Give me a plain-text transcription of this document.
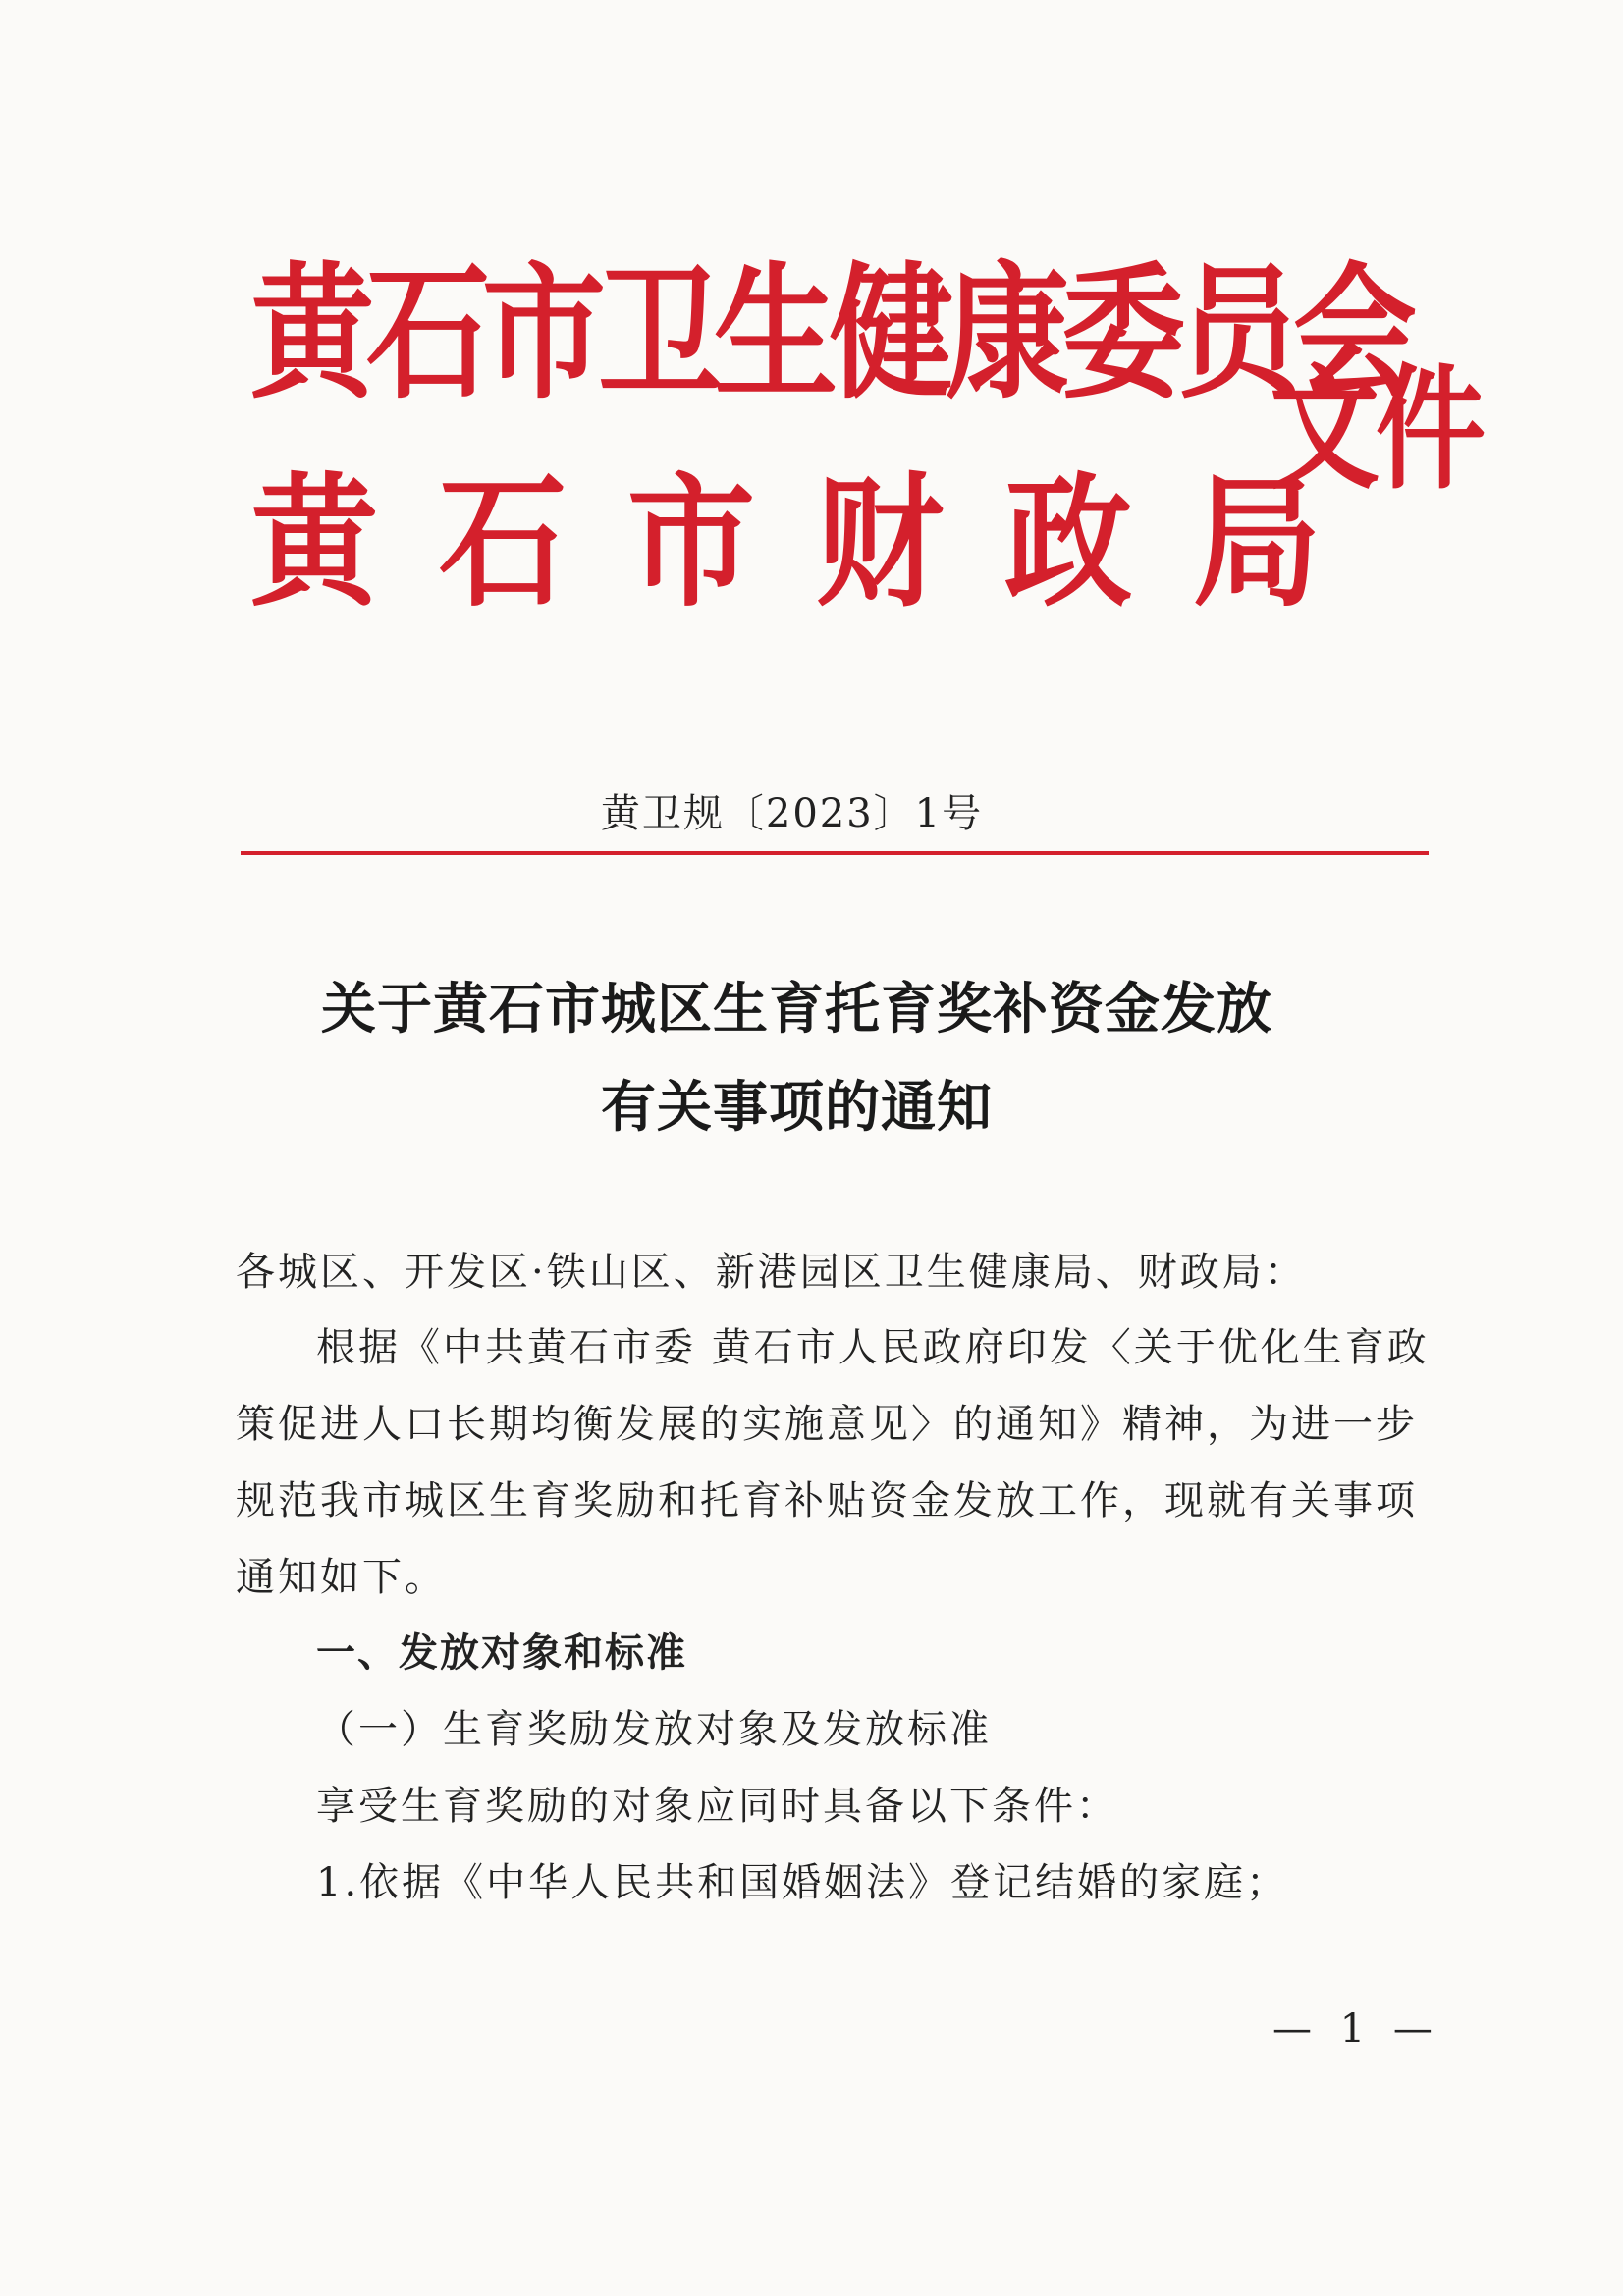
黄石市卫生健康委员会
黄石市财政局
文件
黄卫规〔2023〕1号
关于黄石市城区生育托育奖补资金发放
有关事项的通知
各城区、开发区·铁山区、新港园区卫生健康局、财政局：
根据《中共黄石市委 黄石市人民政府印发〈关于优化生育政
策促进人口长期均衡发展的实施意见〉的通知》精神，为进一步
规范我市城区生育奖励和托育补贴资金发放工作，现就有关事项
通知如下。
一、发放对象和标准
（一）生育奖励发放对象及发放标准
享受生育奖励的对象应同时具备以下条件：
1.依据《中华人民共和国婚姻法》登记结婚的家庭；
— 1 —
